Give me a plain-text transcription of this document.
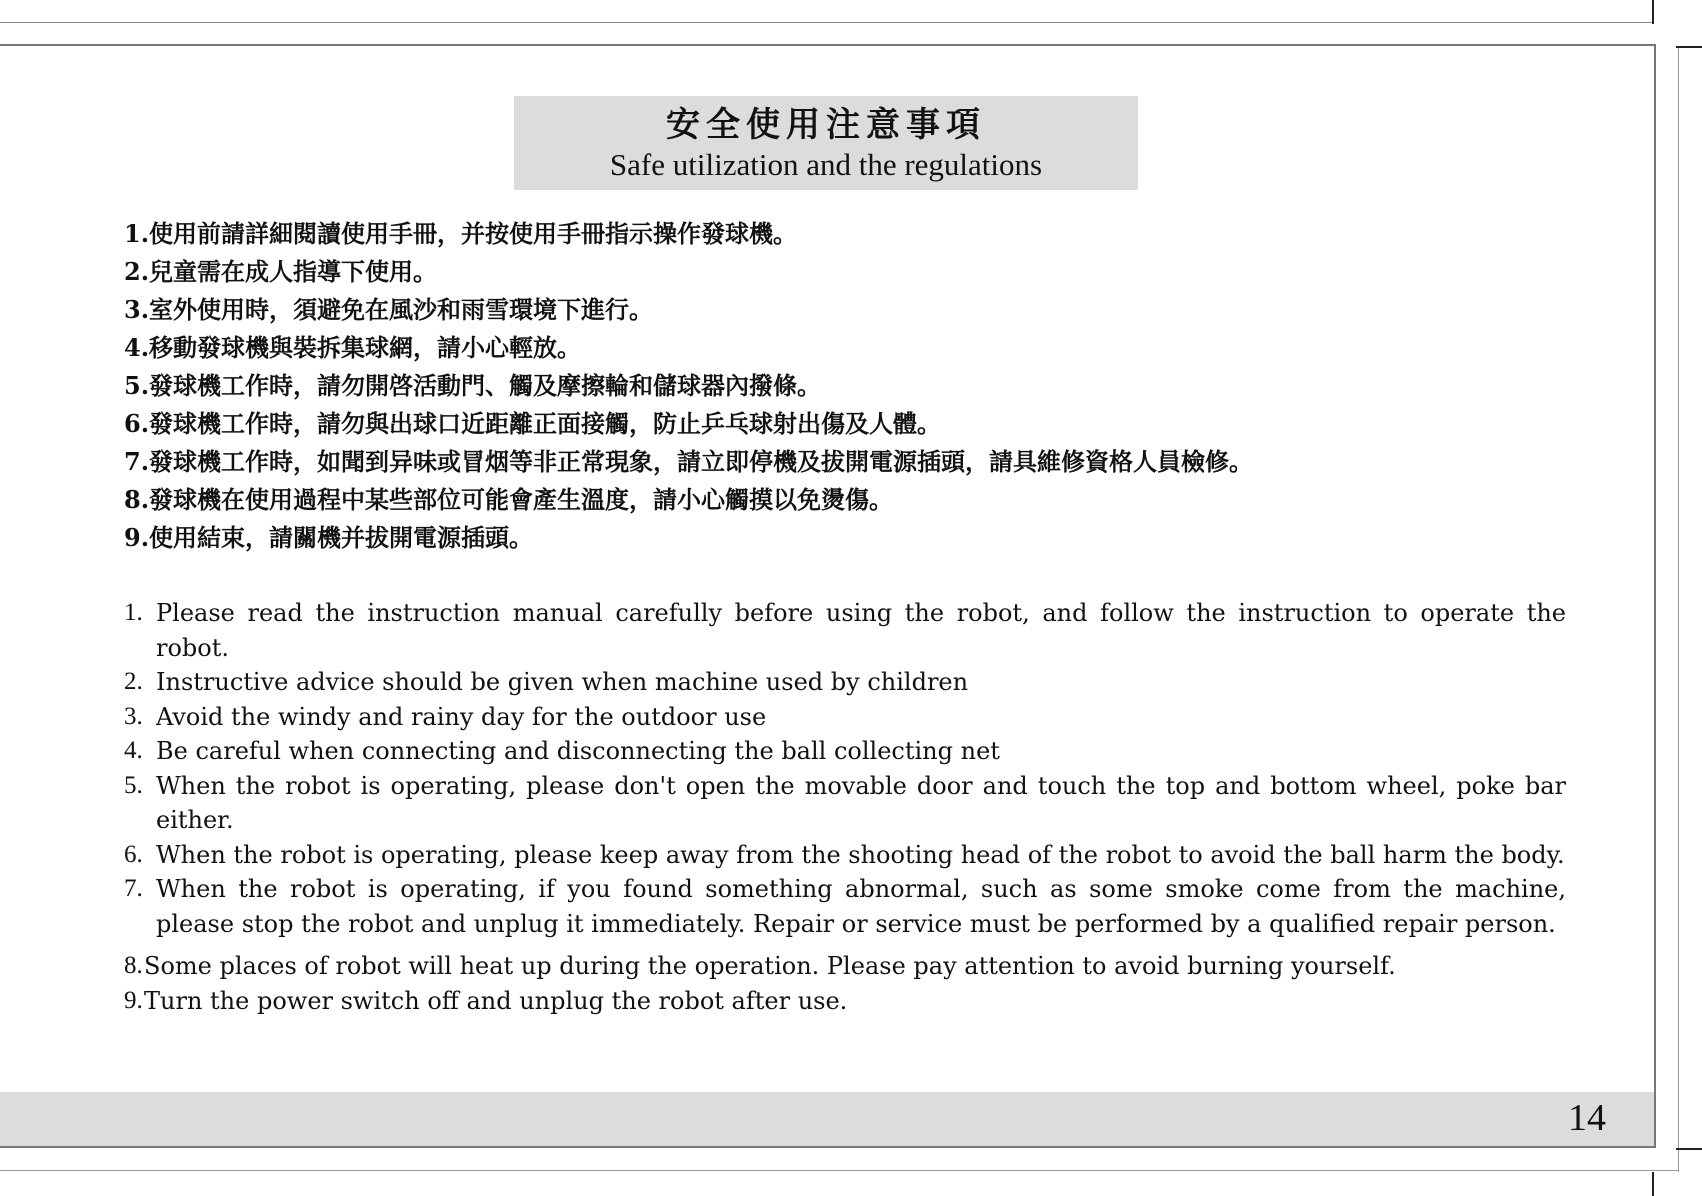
安全使用注意事項
Safe utilization and the regulations
1.使用前請詳細閱讀使用手冊，并按使用手冊指示操作發球機。
2.兒童需在成人指導下使用。
3.室外使用時，須避免在風沙和雨雪環境下進行。
4.移動發球機與裝拆集球網，請小心輕放。
5.發球機工作時，請勿開啓活動門、觸及摩擦輪和儲球器內撥條。
6.發球機工作時，請勿與出球口近距離正面接觸，防止乒乓球射出傷及人體。
7.發球機工作時，如聞到异味或冒烟等非正常現象，請立即停機及拔開電源插頭，請具維修資格人員檢修。
8.發球機在使用過程中某些部位可能會產生溫度，請小心觸摸以免燙傷。
9.使用結束，請關機并拔開電源插頭。
1. Please read the instruction manual carefully before using the robot, and follow the instruction to operate the robot.
2. Instructive advice should be given when machine used by children
3. Avoid the windy and rainy day for the outdoor use
4. Be careful when connecting and disconnecting the ball collecting net
5. When the robot is operating, please don't open the movable door and touch the top and bottom wheel, poke bar either.
6. When the robot is operating, please keep away from the shooting head of the robot to avoid the ball harm the body.
7. When the robot is operating, if you found something abnormal, such as some smoke come from the machine, please stop the robot and unplug it immediately. Repair or service must be performed by a qualified repair person.
8. Some places of robot will heat up during the operation. Please pay attention to avoid burning yourself.
9. Turn the power switch off and unplug the robot after use.
14
